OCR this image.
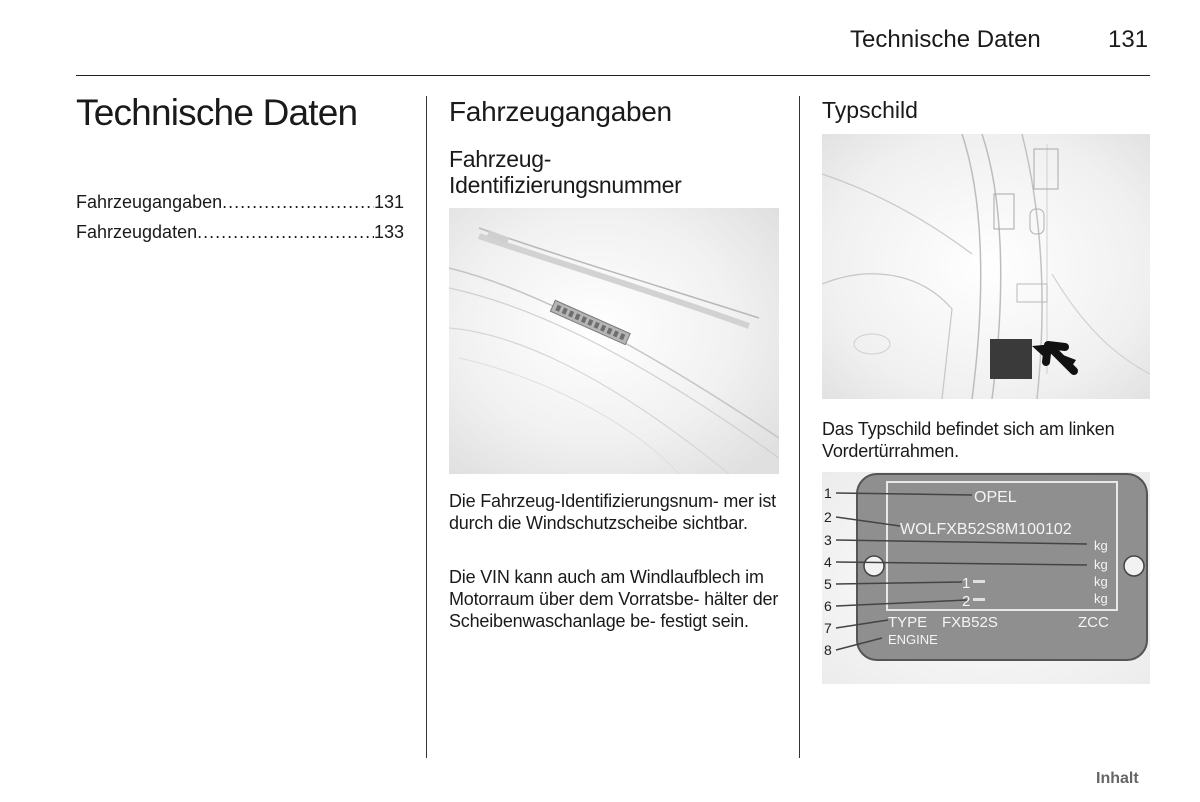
Technische Daten	131
Technische Daten
Fahrzeugangaben .....	131
Fahrzeugdaten .....	133
Fahrzeugangaben
Fahrzeug-
Identifizierungsnummer
Die Fahrzeug-Identifizierungsnum- mer ist durch die Windschutzscheibe sichtbar.
Die VIN kann auch am Windlaufblech im Motorraum über dem Vorratsbe- hälter der Scheibenwaschanlage be- festigt sein.
Typschild
Das Typschild befindet sich am linken Vordertürrahmen.
1
2
3
4
5
6
7
8
OPEL
WOLFXB52S8M100102
kg
kg
kg
kg
1
2
TYPE FXB52S	ZCC
ENGINE
Inhalt
